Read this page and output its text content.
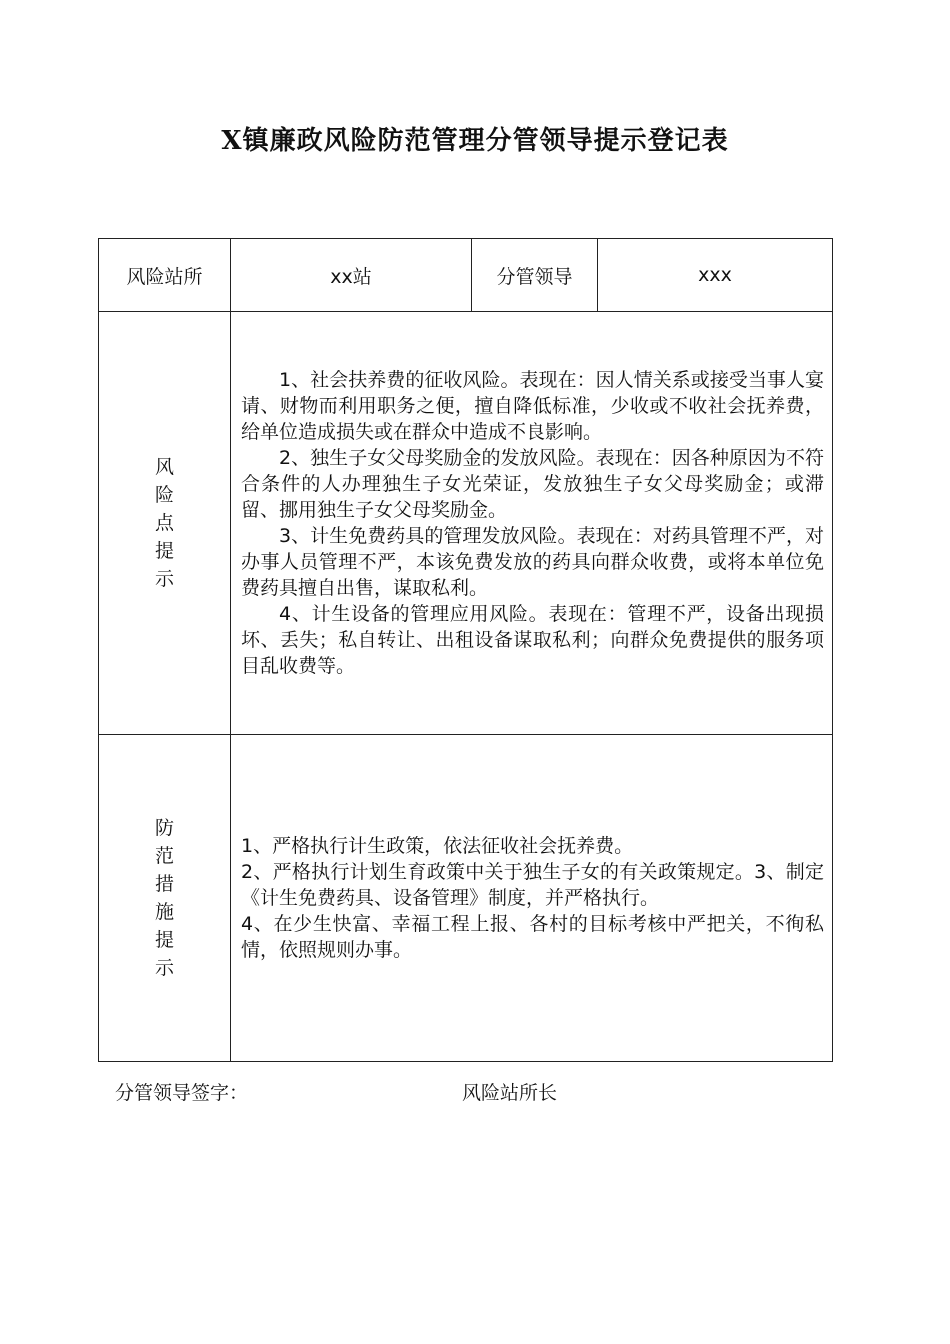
X镇廉政风险防范管理分管领导提示登记表
风险站所	xx站	分管领导	xxx
风险点提示	1、社会扶养费的征收风险。表现在：因人情关系或接受当事人宴请、财物而利用职务之便，擅自降低标准，少收或不收社会抚养费，给单位造成损失或在群众中造成不良影响。

2、独生子女父母奖励金的发放风险。表现在：因各种原因为不符合条件的人办理独生子女光荣证，发放独生子女父母奖励金；或滞留、挪用独生子女父母奖励金。

3、计生免费药具的管理发放风险。表现在：对药具管理不严，对办事人员管理不严，本该免费发放的药具向群众收费，或将本单位免费药具擅自出售，谋取私利。

4、计生设备的管理应用风险。表现在：管理不严，设备出现损坏、丢失；私自转让、出租设备谋取私利；向群众免费提供的服务项目乱收费等。		

防范措施提示	1、严格执行计生政策，依法征收社会抚养费。

2、严格执行计划生育政策中关于独生子女的有关政策规定。3、制定《计生免费药具、设备管理》制度，并严格执行。

4、在少生快富、幸福工程上报、各村的目标考核中严把关，不徇私情，依照规则办事。		

分管领导签字：	风险站所长
